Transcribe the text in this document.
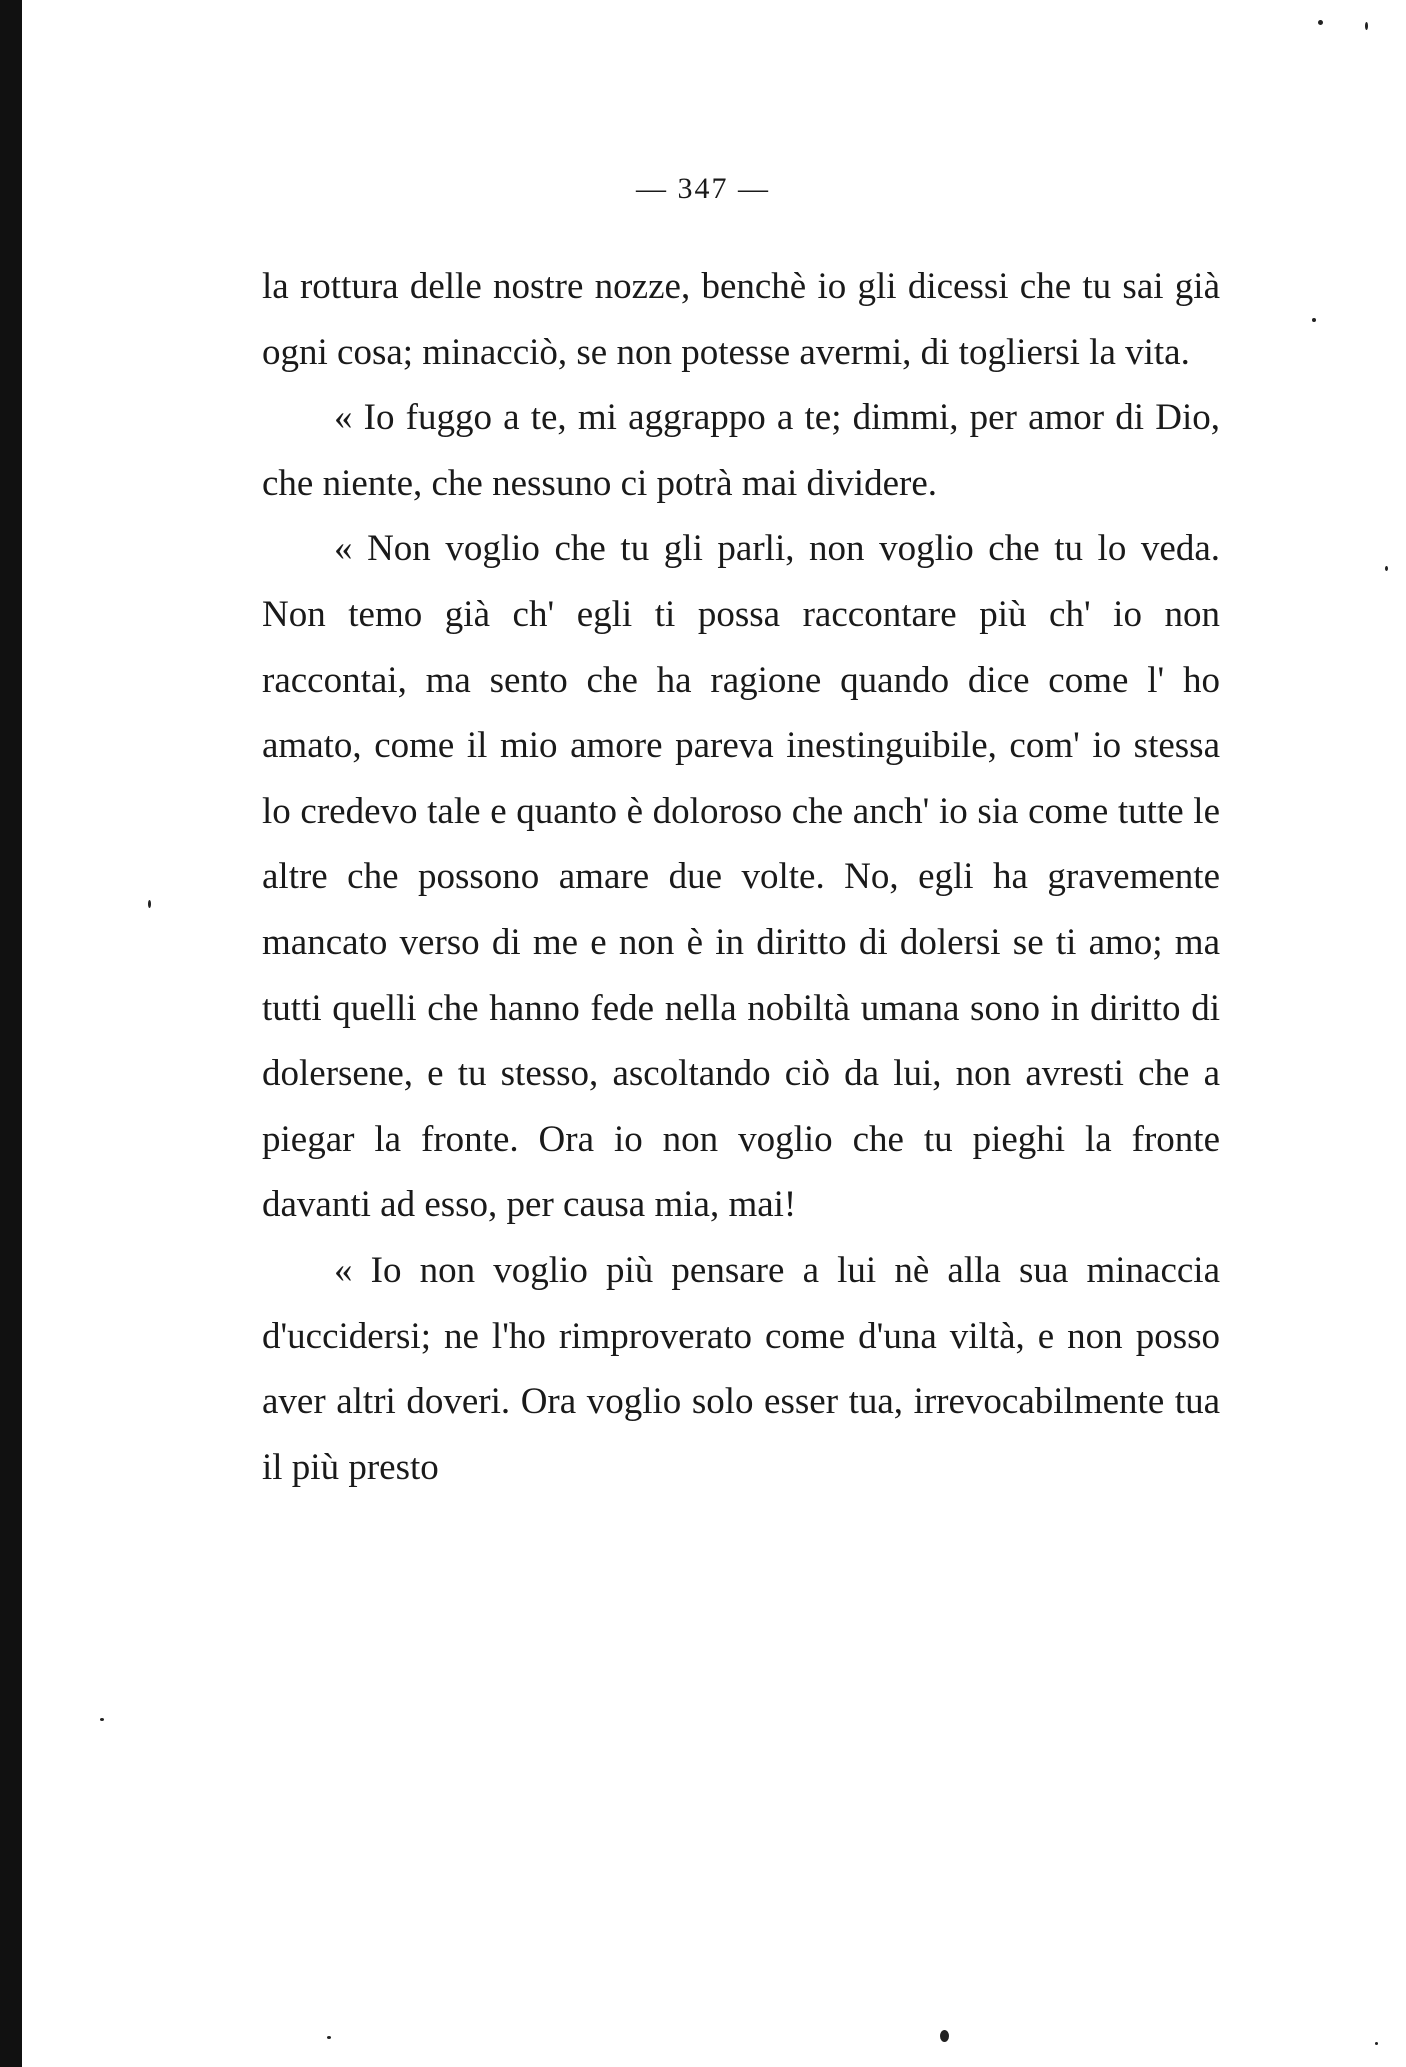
— 347 —

la rottura delle nostre nozze, benchè io gli dicessi che tu sai già ogni cosa; minacciò, se non potesse avermi, di togliersi la vita.

« Io fuggo a te, mi aggrappo a te; dimmi, per amor di Dio, che niente, che nessuno ci potrà mai dividere.

« Non voglio che tu gli parli, non voglio che tu lo veda. Non temo già ch' egli ti possa raccontare più ch' io non raccontai, ma sento che ha ragione quando dice come l' ho amato, come il mio amore pareva inestinguibile, com' io stessa lo credevo tale e quanto è doloroso che anch' io sia come tutte le altre che possono amare due volte. No, egli ha gravemente mancato verso di me e non è in diritto di dolersi se ti amo; ma tutti quelli che hanno fede nella nobiltà umana sono in diritto di dolersene, e tu stesso, ascoltando ciò da lui, non avresti che a piegar la fronte. Ora io non voglio che tu pieghi la fronte davanti ad esso, per causa mia, mai!

« Io non voglio più pensare a lui nè alla sua minaccia d'uccidersi; ne l'ho rimproverato come d'una viltà, e non posso aver altri doveri. Ora voglio solo esser tua, irrevocabilmente tua il più presto
